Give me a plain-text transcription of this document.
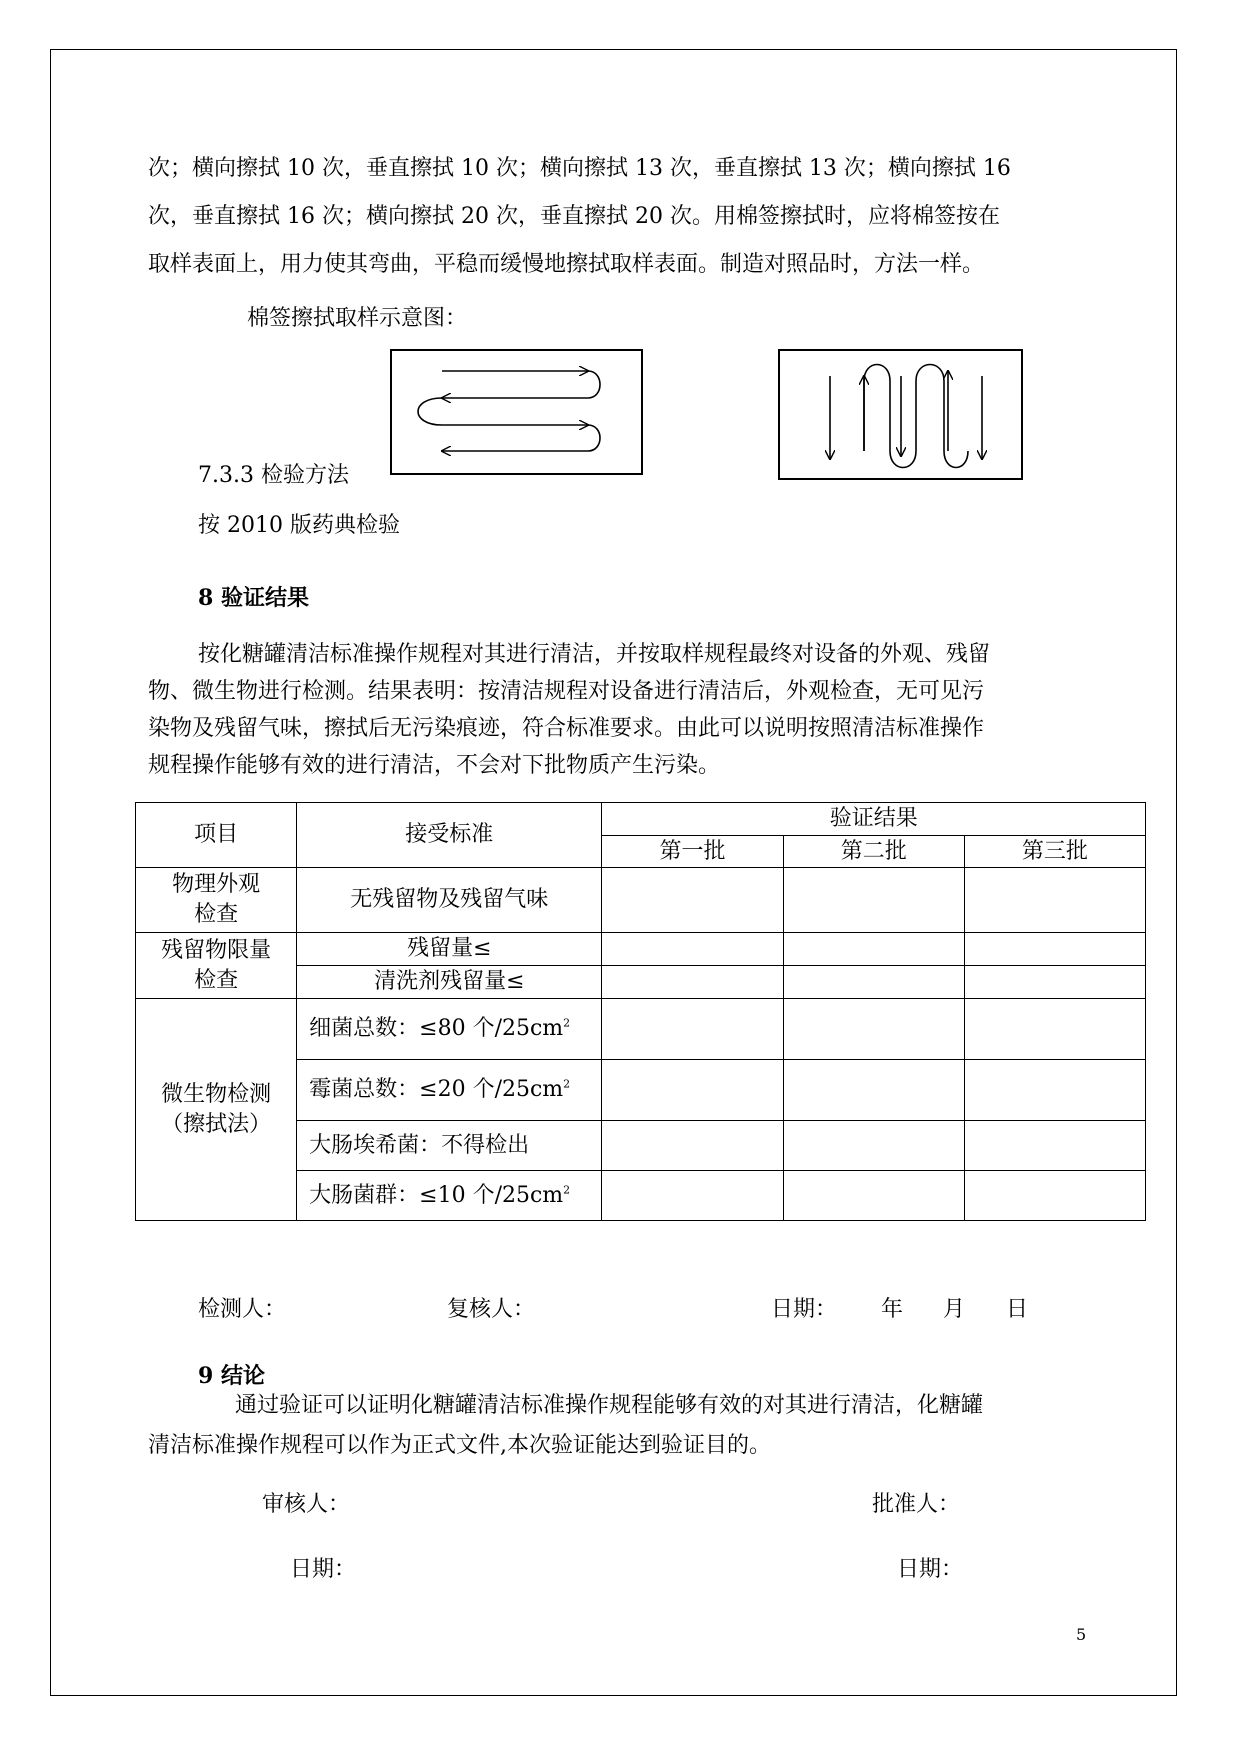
次；横向擦拭 10 次，垂直擦拭 10 次；横向擦拭 13 次，垂直擦拭 13 次；横向擦拭 16
次，垂直擦拭 16 次；横向擦拭 20 次，垂直擦拭 20 次。用棉签擦拭时，应将棉签按在
取样表面上，用力使其弯曲，平稳而缓慢地擦拭取样表面。制造对照品时，方法一样。
棉签擦拭取样示意图：
7.3.3 检验方法
按 2010 版药典检验
8 验证结果
按化糖罐清洁标准操作规程对其进行清洁，并按取样规程最终对设备的外观、残留
物、微生物进行检测。结果表明：按清洁规程对设备进行清洁后，外观检查，无可见污
染物及残留气味，擦拭后无污染痕迹，符合标准要求。由此可以说明按照清洁标准操作
规程操作能够有效的进行清洁，不会对下批物质产生污染。
项目	接受标准	验证结果		
		第一批	第二批	第三批
物理外观检查	无残留物及残留气味			
残留物限量检查	残留量≤			
	清洗剂残留量≤			
微生物检测（擦拭法）	细菌总数：≤80 个$/25cm^2$			
	霉菌总数：≤20 个$/25cm^2$			
	大肠埃希菌：不得检出			
	大肠菌群：≤10 个$/25cm^2$			
检测人：	复核人：	日期： 年 月 日
9 结论
通过验证可以证明化糖罐清洁标准操作规程能够有效的对其进行清洁，化糖罐
清洁标准操作规程可以作为正式文件,本次验证能达到验证目的。
审核人：	批准人：
日期：	日期：
5
